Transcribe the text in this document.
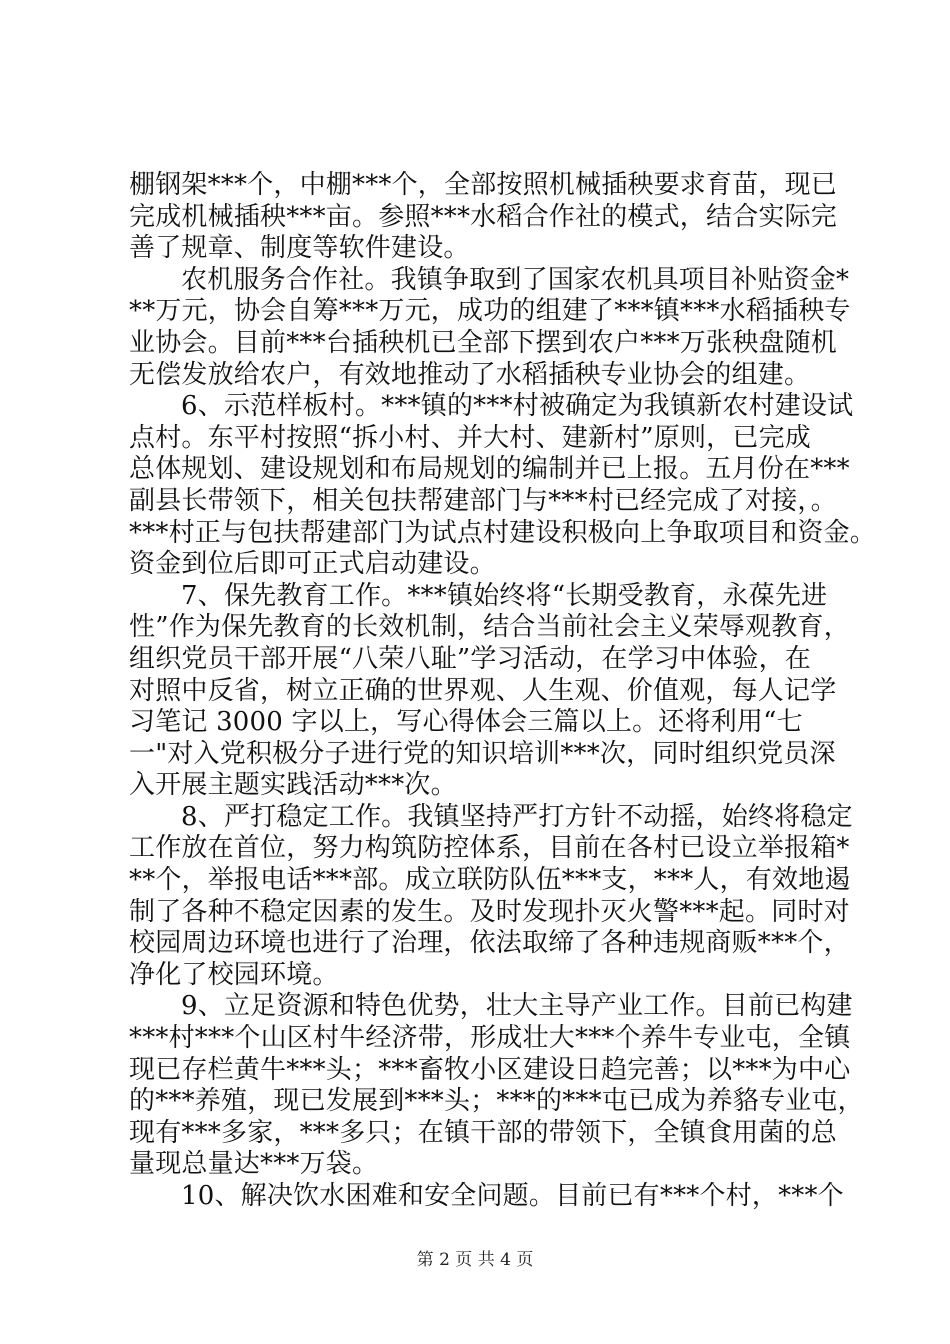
棚钢架***个，中棚***个，全部按照机械插秧要求育苗，现已
完成机械插秧***亩。参照***水稻合作社的模式，结合实际完
善了规章、制度等软件建设。
农机服务合作社。我镇争取到了国家农机具项目补贴资金*
**万元，协会自筹***万元，成功的组建了***镇***水稻插秧专
业协会。目前***台插秧机已全部下摆到农户***万张秧盘随机
无偿发放给农户，有效地推动了水稻插秧专业协会的组建。
6、示范样板村。***镇的***村被确定为我镇新农村建设试
点村。东平村按照“拆小村、并大村、建新村”原则，已完成
总体规划、建设规划和布局规划的编制并已上报。五月份在***
副县长带领下，相关包扶帮建部门与***村已经完成了对接，。
***村正与包扶帮建部门为试点村建设积极向上争取项目和资金。
资金到位后即可正式启动建设。
7、保先教育工作。***镇始终将“长期受教育，永葆先进
性”作为保先教育的长效机制，结合当前社会主义荣辱观教育，
组织党员干部开展“八荣八耻”学习活动，在学习中体验，在
对照中反省，树立正确的世界观、人生观、价值观，每人记学
习笔记 3000 字以上，写心得体会三篇以上。还将利用“七
一"对入党积极分子进行党的知识培训***次，同时组织党员深
入开展主题实践活动***次。
8、严打稳定工作。我镇坚持严打方针不动摇，始终将稳定
工作放在首位，努力构筑防控体系，目前在各村已设立举报箱*
**个，举报电话***部。成立联防队伍***支，***人，有效地遏
制了各种不稳定因素的发生。及时发现扑灭火警***起。同时对
校园周边环境也进行了治理，依法取缔了各种违规商贩***个，
净化了校园环境。
9、立足资源和特色优势，壮大主导产业工作。目前已构建
***村***个山区村牛经济带，形成壮大***个养牛专业屯，全镇
现已存栏黄牛***头；***畜牧小区建设日趋完善；以***为中心
的***养殖，现已发展到***头；***的***屯已成为养貉专业屯，
现有***多家，***多只；在镇干部的带领下，全镇食用菌的总
量现总量达***万袋。
10、解决饮水困难和安全问题。目前已有***个村，***个
第 2 页 共 4 页
